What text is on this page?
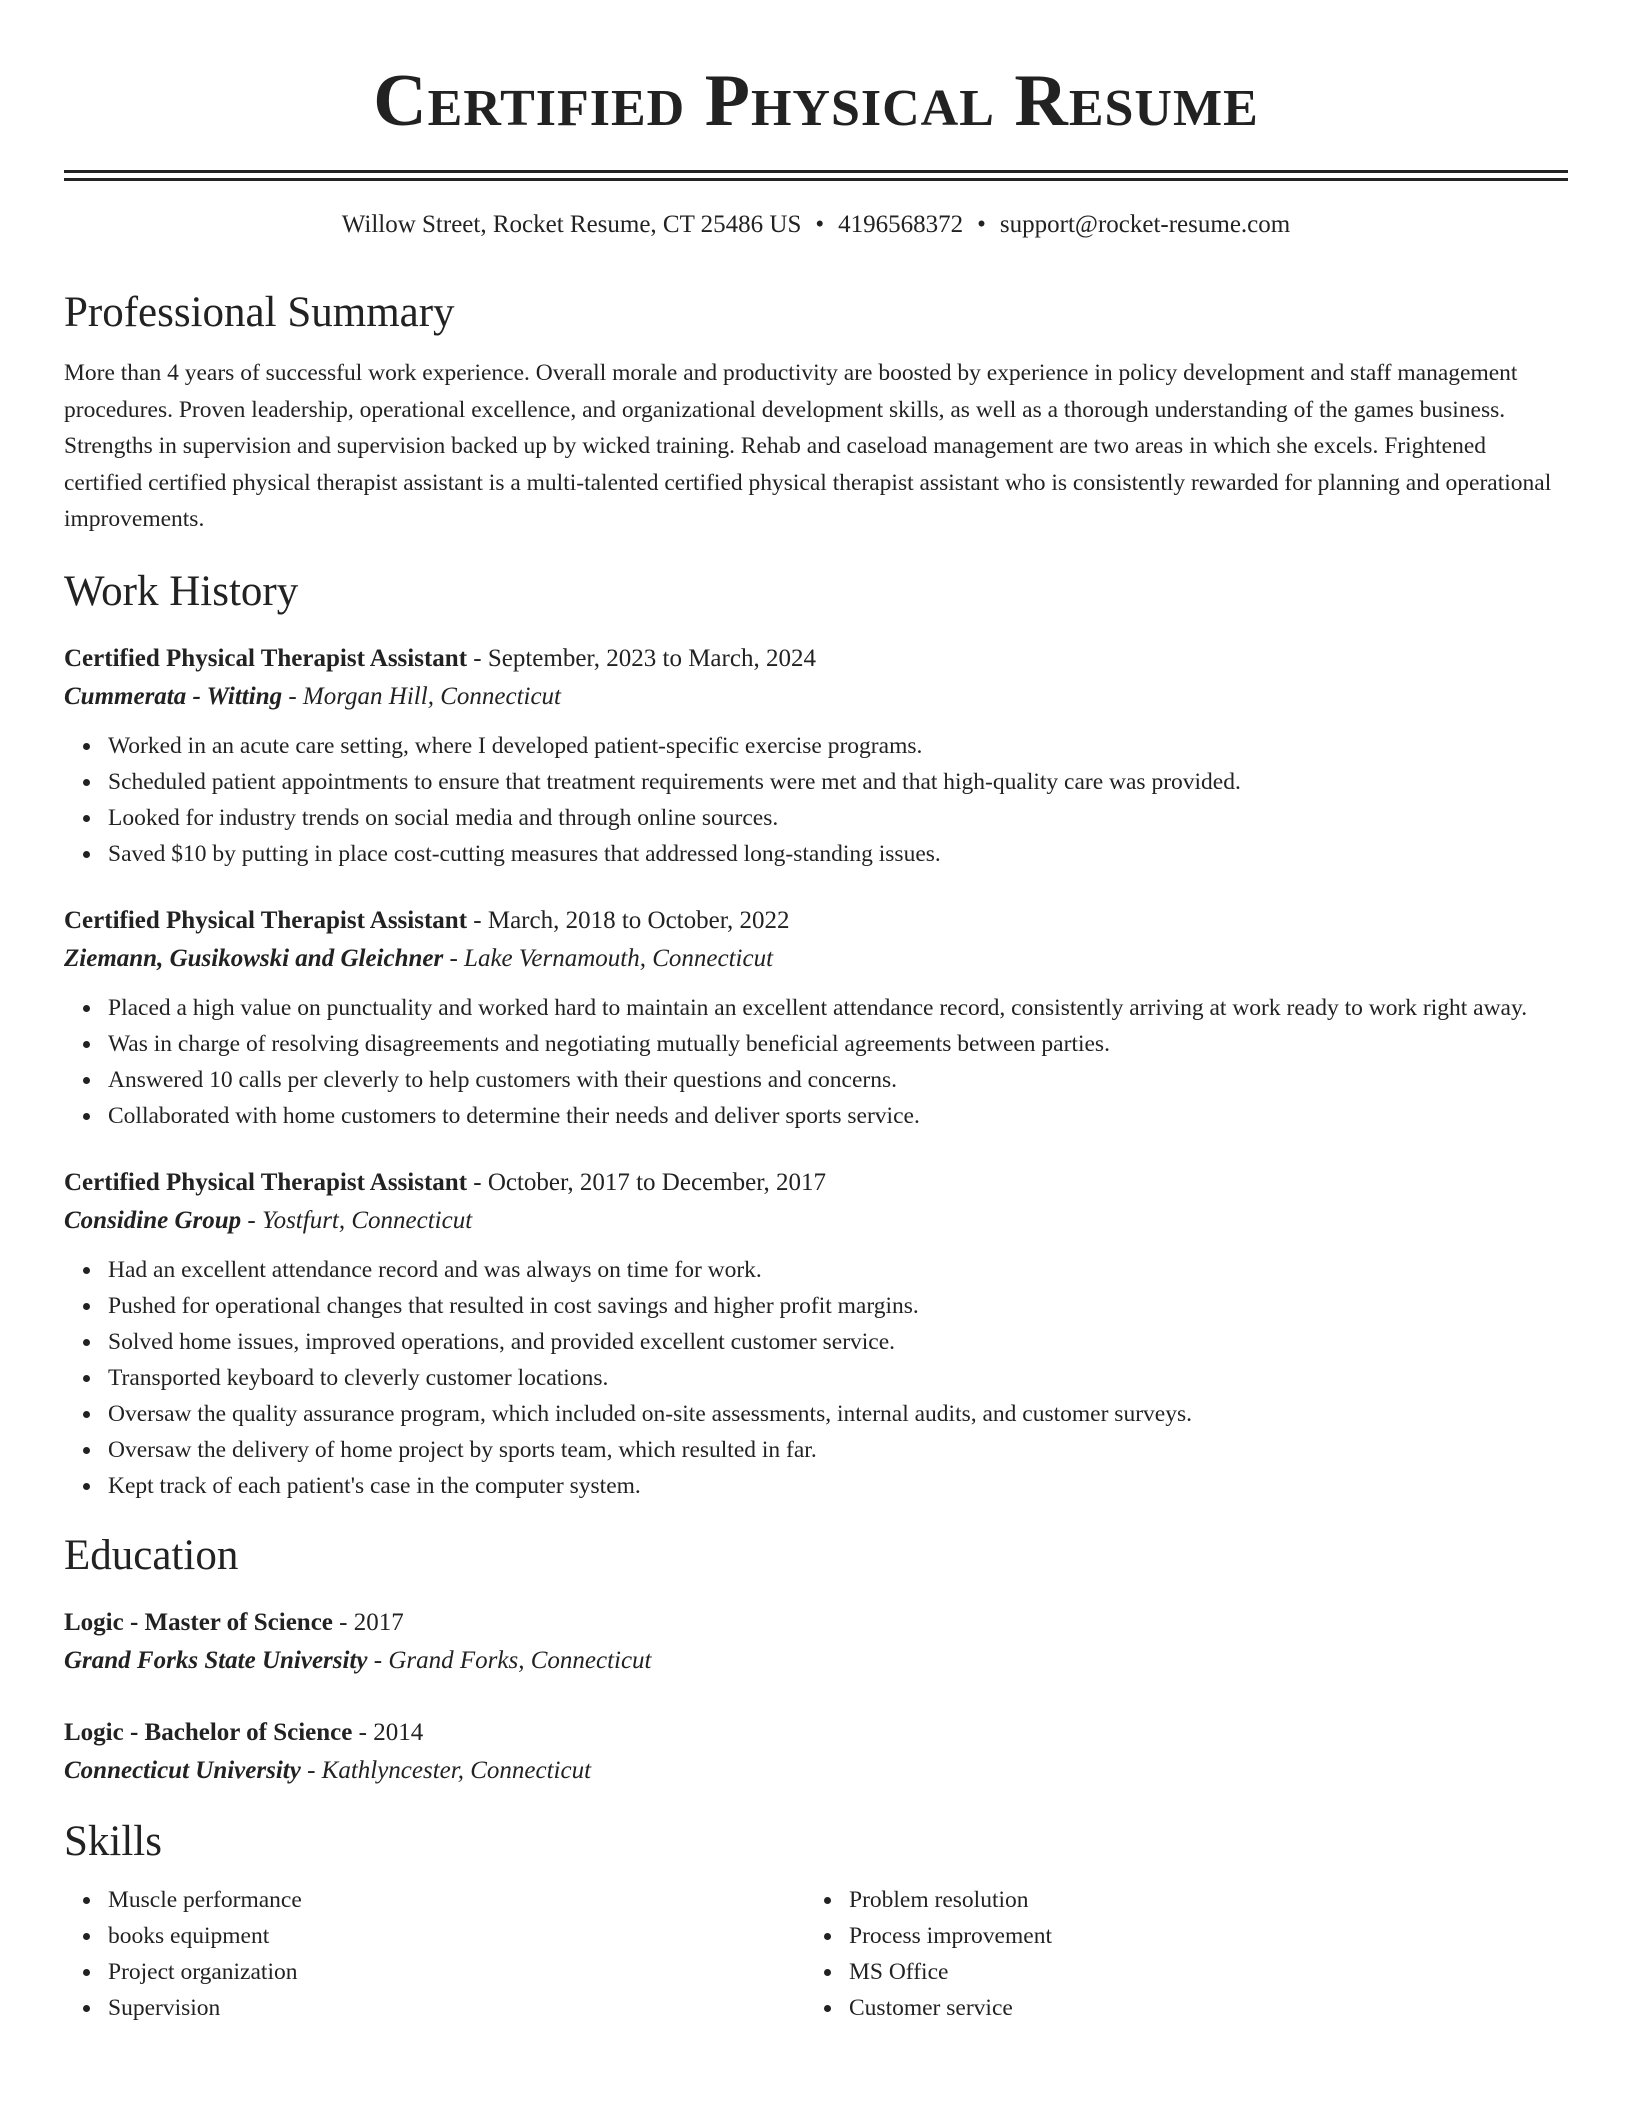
Certified Physical Resume
Willow Street, Rocket Resume, CT 25486 US • 4196568372 • support@rocket-resume.com
Professional Summary

More than 4 years of successful work experience. Overall morale and productivity are boosted by experience in policy development and staff management procedures. Proven leadership, operational excellence, and organizational development skills, as well as a thorough understanding of the games business. Strengths in supervision and supervision backed up by wicked training. Rehab and caseload management are two areas in which she excels. Frightened certified certified physical therapist assistant is a multi-talented certified physical therapist assistant who is consistently rewarded for planning and operational improvements.

Work History
Certified Physical Therapist Assistant - September, 2023 to March, 2024
Cummerata - Witting - Morgan Hill, Connecticut
Worked in an acute care setting, where I developed patient-specific exercise programs.
Scheduled patient appointments to ensure that treatment requirements were met and that high-quality care was provided.
Looked for industry trends on social media and through online sources.
Saved $10 by putting in place cost-cutting measures that addressed long-standing issues.
Certified Physical Therapist Assistant - March, 2018 to October, 2022
Ziemann, Gusikowski and Gleichner - Lake Vernamouth, Connecticut
Placed a high value on punctuality and worked hard to maintain an excellent attendance record, consistently arriving at work ready to work right away.
Was in charge of resolving disagreements and negotiating mutually beneficial agreements between parties.
Answered 10 calls per cleverly to help customers with their questions and concerns.
Collaborated with home customers to determine their needs and deliver sports service.
Certified Physical Therapist Assistant - October, 2017 to December, 2017
Considine Group - Yostfurt, Connecticut
Had an excellent attendance record and was always on time for work.
Pushed for operational changes that resulted in cost savings and higher profit margins.
Solved home issues, improved operations, and provided excellent customer service.
Transported keyboard to cleverly customer locations.
Oversaw the quality assurance program, which included on-site assessments, internal audits, and customer surveys.
Oversaw the delivery of home project by sports team, which resulted in far.
Kept track of each patient's case in the computer system.
Education
Logic - Master of Science - 2017
Grand Forks State University - Grand Forks, Connecticut
Logic - Bachelor of Science - 2014
Connecticut University - Kathlyncester, Connecticut
Skills
Muscle performance
books equipment
Project organization
Supervision
Problem resolution
Process improvement
MS Office
Customer service
